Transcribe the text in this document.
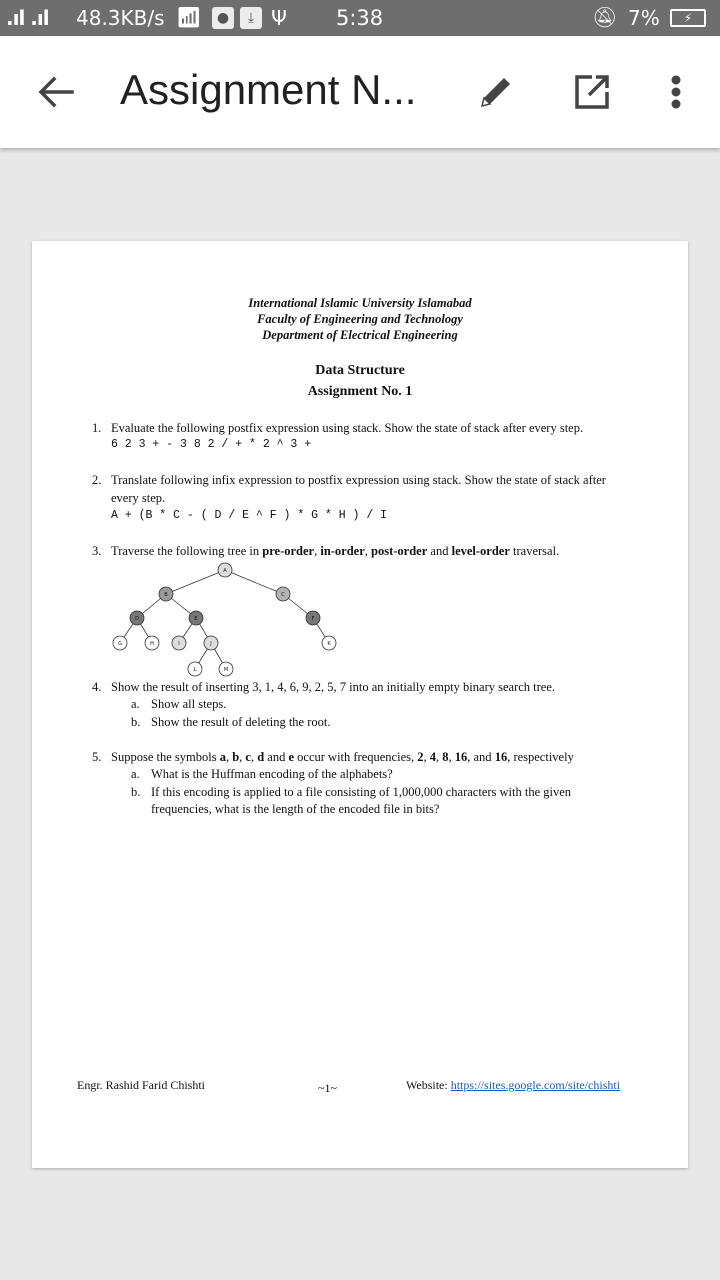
.ıl .ıl 48.3KB/s 📶︎	●	⤓ Ψ 5:38	🔕︎ 7%	⚡︎
Assignment N...
International Islamic University Islamabad
Faculty of Engineering and Technology
Department of Electrical Engineering
Data Structure
Assignment No. 1
1. Evaluate the following postfix expression using stack. Show the state of stack after every step.
6 2 3 + - 3 8 2 / + * 2 ^ 3 +
2. Translate following infix expression to postfix expression using stack. Show the state of stack after
every step.
A + (B * C - ( D / E ^ F ) * G * H ) / I
3. Traverse the following tree in pre-order, in-order, post-order and level-order traversal.
A
B	C
D	E	F
G	H	I	J	K
L	M
4. Show the result of inserting 3, 1, 4, 6, 9, 2, 5, 7 into an initially empty binary search tree.
a. Show all steps.
b. Show the result of deleting the root.
5. Suppose the symbols a, b, c, d and e occur with frequencies, 2, 4, 8, 16, and 16, respectively
a. What is the Huffman encoding of the alphabets?
b. If this encoding is applied to a file consisting of 1,000,000 characters with the given
frequencies, what is the length of the encoded file in bits?
Engr. Rashid Farid Chishti	~1~	Website: https://sites.google.com/site/chishti
